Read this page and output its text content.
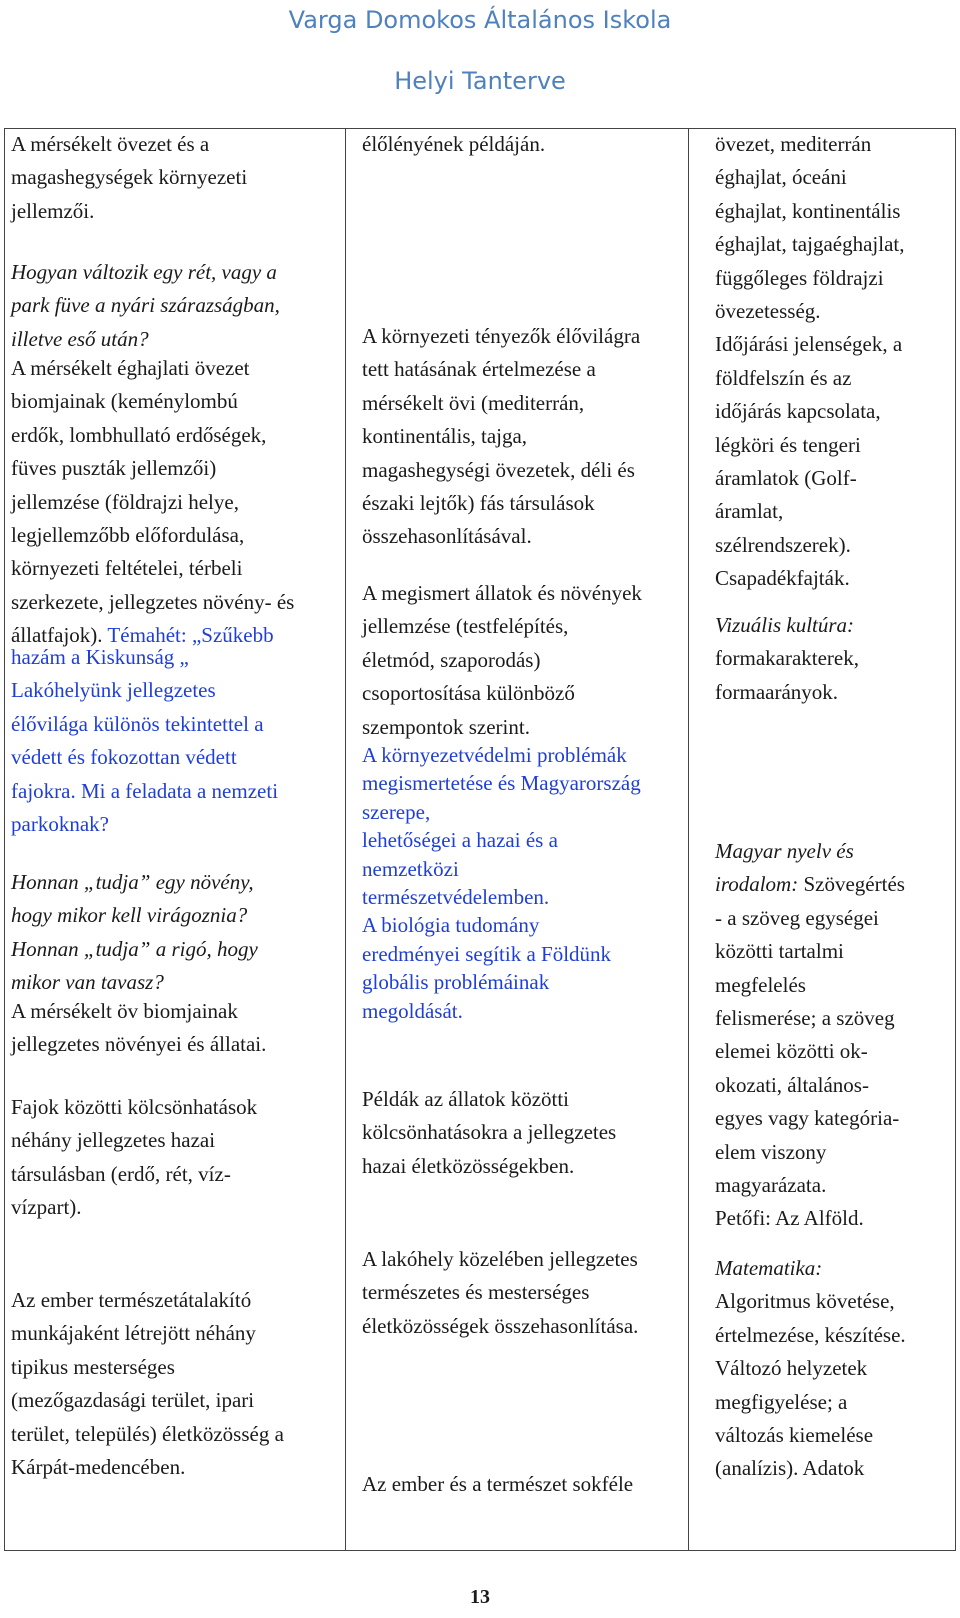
Varga Domokos Általános Iskola
Helyi Tanterve
A mérsékelt övezet és a
magashegységek környezeti
jellemzői.
Hogyan változik egy rét, vagy a
park füve a nyári szárazságban,
illetve eső után?
A mérsékelt éghajlati övezet
biomjainak (keménylombú
erdők, lombhullató erdőségek,
füves puszták jellemzői)
jellemzése (földrajzi helye,
legjellemzőbb előfordulása,
környezeti feltételei, térbeli
szerkezete, jellegzetes növény- és
állatfajok). Témahét: „Szűkebb
hazám a Kiskunság „
Lakóhelyünk jellegzetes
élővilága különös tekintettel a
védett és fokozottan védett
fajokra. Mi a feladata a nemzeti
parkoknak?
Honnan „tudja” egy növény,
hogy mikor kell virágoznia?
Honnan „tudja” a rigó, hogy
mikor van tavasz?
A mérsékelt öv biomjainak
jellegzetes növényei és állatai.
Fajok közötti kölcsönhatások
néhány jellegzetes hazai
társulásban (erdő, rét, víz-
vízpart).
Az ember természetátalakító
munkájaként létrejött néhány
tipikus mesterséges
(mezőgazdasági terület, ipari
terület, település) életközösség a
Kárpát-medencében.
élőlényének példáján.
A környezeti tényezők élővilágra
tett hatásának értelmezése a
mérsékelt övi (mediterrán,
kontinentális, tajga,
magashegységi övezetek, déli és
északi lejtők) fás társulások
összehasonlításával.
A megismert állatok és növények
jellemzése (testfelépítés,
életmód, szaporodás)
csoportosítása különböző
szempontok szerint.
A környezetvédelmi problémák
megismertetése és Magyarország
szerepe,
lehetőségei a hazai és a
nemzetközi
természetvédelemben.
A biológia tudomány
eredményei segítik a Földünk
globális problémáinak
megoldását.
Példák az állatok közötti
kölcsönhatásokra a jellegzetes
hazai életközösségekben.
A lakóhely közelében jellegzetes
természetes és mesterséges
életközösségek összehasonlítása.
Az ember és a természet sokféle
övezet, mediterrán
éghajlat, óceáni
éghajlat, kontinentális
éghajlat, tajgaéghajlat,
függőleges földrajzi
övezetesség.
Időjárási jelenségek, a
földfelszín és az
időjárás kapcsolata,
légköri és tengeri
áramlatok (Golf-
áramlat,
szélrendszerek).
Csapadékfajták.
Vizuális kultúra:
formakarakterek,
formaarányok.
Magyar nyelv és
irodalom: Szövegértés
- a szöveg egységei
közötti tartalmi
megfelelés
felismerése; a szöveg
elemei közötti ok-
okozati, általános-
egyes vagy kategória-
elem viszony
magyarázata.
Petőfi: Az Alföld.
Matematika:
Algoritmus követése,
értelmezése, készítése.
Változó helyzetek
megfigyelése; a
változás kiemelése
(analízis). Adatok
13
